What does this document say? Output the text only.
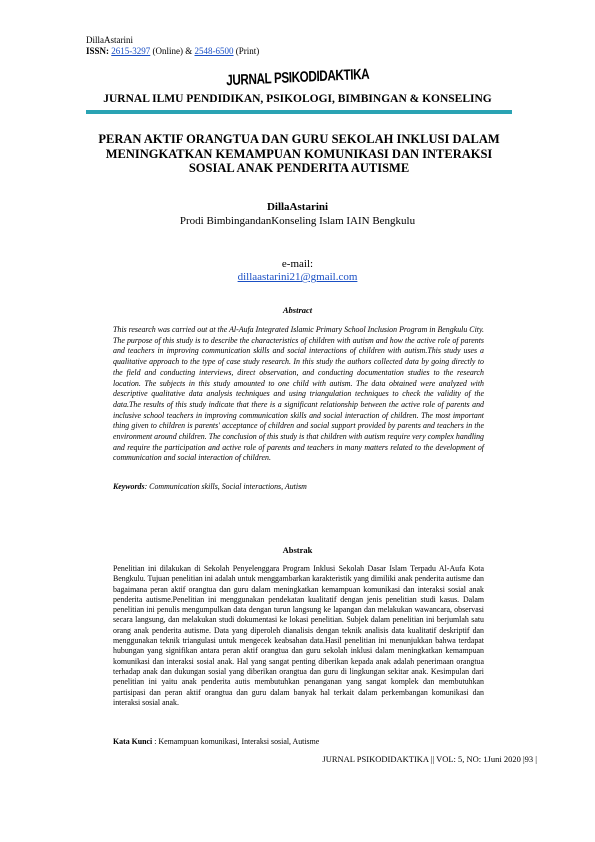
DillaAstarini
ISSN: 2615-3297 (Online) & 2548-6500 (Print)
JURNAL PSIKODIDAKTIKA
JURNAL ILMU PENDIDIKAN, PSIKOLOGI, BIMBINGAN & KONSELING
PERAN AKTIF ORANGTUA DAN GURU SEKOLAH INKLUSI DALAM
MENINGKATKAN KEMAMPUAN KOMUNIKASI DAN INTERAKSI
SOSIAL ANAK PENDERITA AUTISME
DillaAstarini
Prodi BimbingandanKonseling Islam IAIN Bengkulu
e-mail:
dillaastarini21@gmail.com
Abstract
This research was carried out at the Al-Aufa Integrated Islamic Primary School Inclusion Program in Bengkulu City. The purpose of this study is to describe the characteristics of children with autism and how the active role of parents and teachers in improving communication skills and social interactions of children with autism.This study uses a qualitative approach to the type of case study research. In this study the authors collected data by going directly to the field and conducting interviews, direct observation, and conducting documentation studies to the research location. The subjects in this study amounted to one child with autism. The data obtained were analyzed with descriptive qualitative data analysis techniques and using triangulation techniques to check the validity of the data.The results of this study indicate that there is a significant relationship between the active role of parents and inclusive school teachers in improving communication skills and social interaction of children. The most important thing given to children is parents' acceptance of children and social support provided by parents and teachers in the environment around children. The conclusion of this study is that children with autism require very complex handling and require the participation and active role of parents and teachers in many matters related to the development of communication and social interaction of children.
Keywords: Communication skills, Social interactions, Autism
Abstrak
Penelitian ini dilakukan di Sekolah Penyelenggara Program Inklusi Sekolah Dasar Islam Terpadu Al-Aufa Kota Bengkulu. Tujuan penelitian ini adalah untuk menggambarkan karakteristik yang dimiliki anak penderita autisme dan bagaimana peran aktif orangtua dan guru dalam meningkatkan kemampuan komunikasi dan interaksi sosial anak penderita autisme.Penelitian ini menggunakan pendekatan kualitatif dengan jenis penelitian studi kasus. Dalam penelitian ini penulis mengumpulkan data dengan turun langsung ke lapangan dan melakukan wawancara, observasi secara langsung, dan melakukan studi dokumentasi ke lokasi penelitian. Subjek dalam penelitian ini berjumlah satu orang anak penderita autisme. Data yang diperoleh dianalisis dengan teknik analisis data kualitatif deskriptif dan menggunakan teknik triangulasi untuk mengecek keabsahan data.Hasil penelitian ini menunjukkan bahwa terdapat hubungan yang signifikan antara peran aktif orangtua dan guru sekolah inklusi dalam meningkatkan kemampuan komunikasi dan interaksi sosial anak. Hal yang sangat penting diberikan kepada anak adalah penerimaan orangtua terhadap anak dan dukungan sosial yang diberikan orangtua dan guru di lingkungan sekitar anak. Kesimpulan dari penelitian ini yaitu anak penderita autis membutuhkan penanganan yang sangat komplek dan membutuhkan partisipasi dan peran aktif orangtua dan guru dalam banyak hal terkait dalam perkembangan komunikasi dan interaksi sosial anak.
Kata Kunci : Kemampuan komunikasi, Interaksi sosial, Autisme
JURNAL PSIKODIDAKTIKA || VOL: 5, NO: 1Juni 2020 |93 |
